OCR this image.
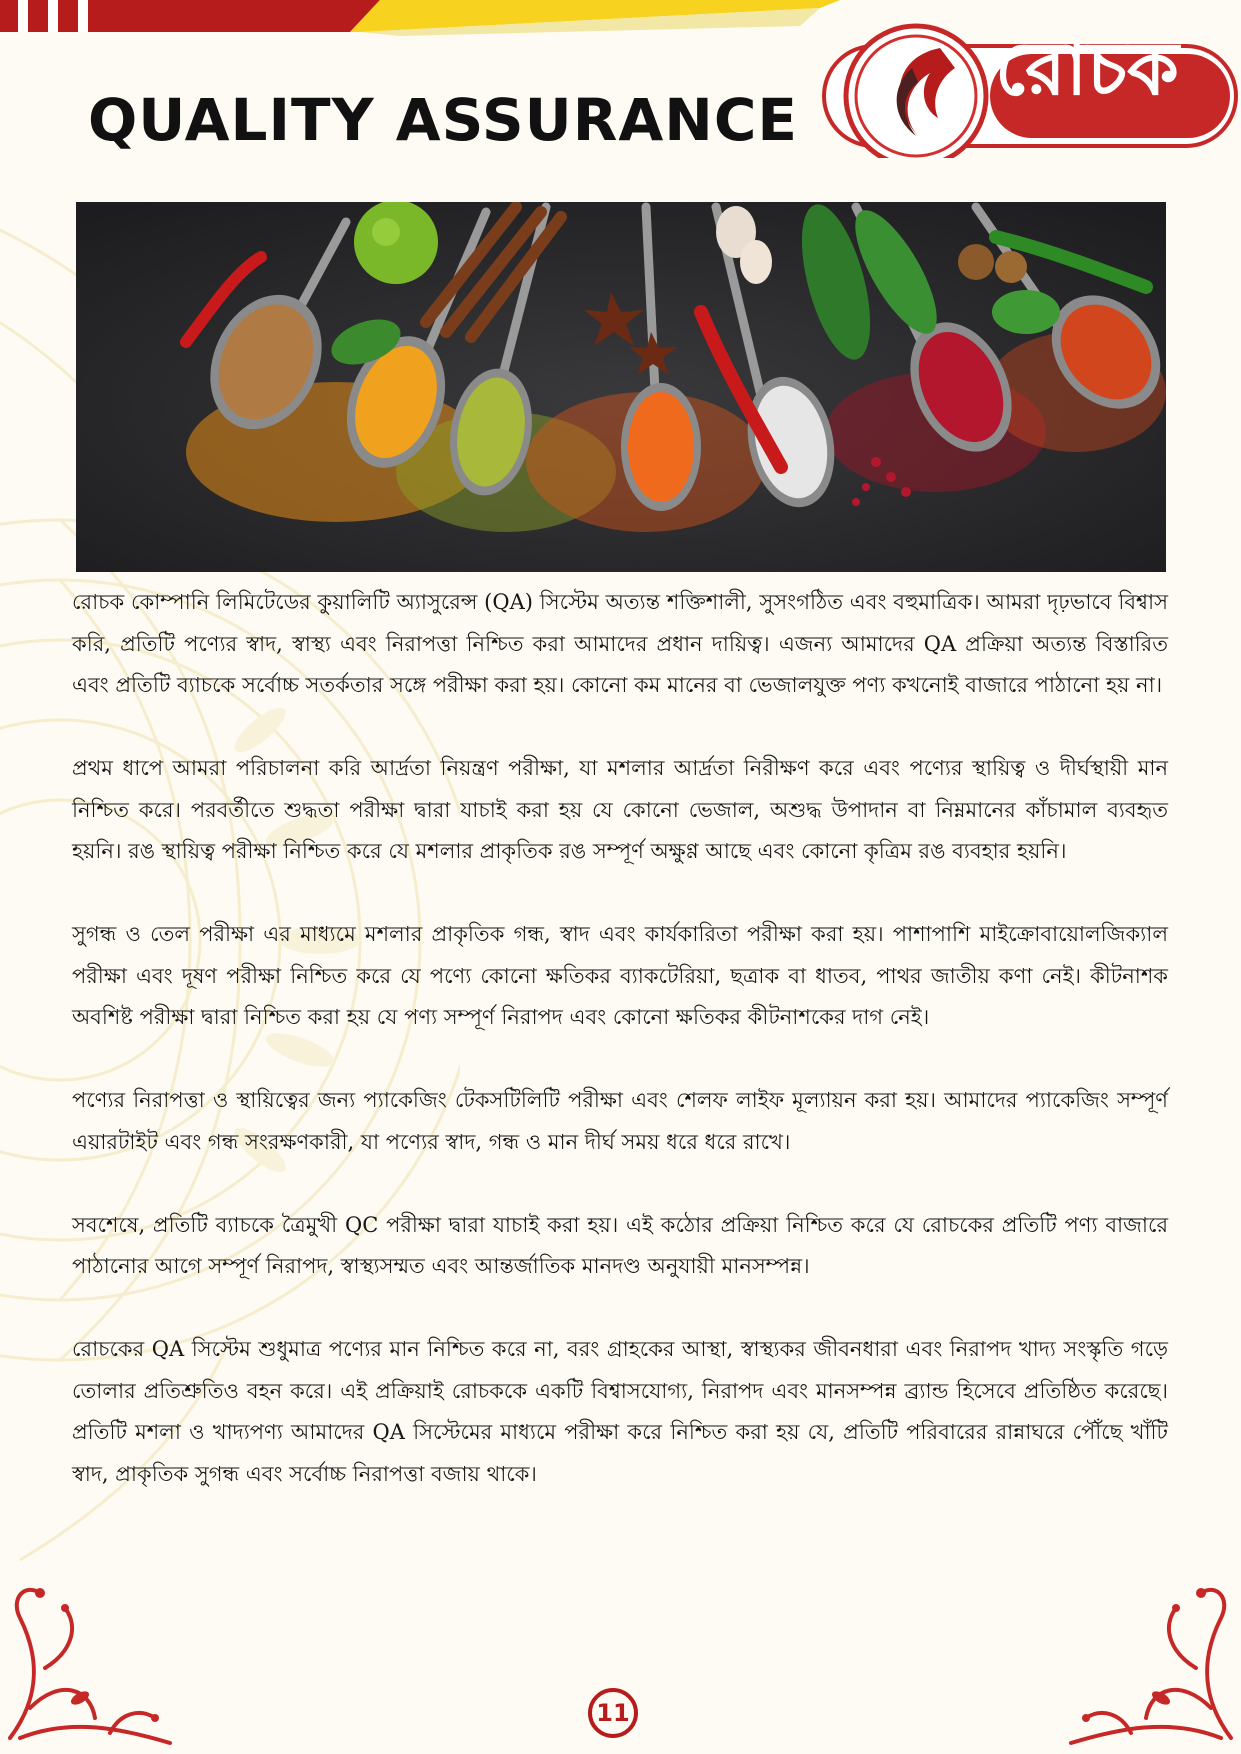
QUALITY ASSURANCE
রোচক

রোচক কোম্পানি লিমিটেডের কুয়ালিটি অ্যাসুরেন্স (QA) সিস্টেম অত্যন্ত শক্তিশালী, সুসংগঠিত এবং বহুমাত্রিক। আমরা দৃঢ়ভাবে বিশ্বাস করি, প্রতিটি পণ্যের স্বাদ, স্বাস্থ্য এবং নিরাপত্তা নিশ্চিত করা আমাদের প্রধান দায়িত্ব। এজন্য আমাদের QA প্রক্রিয়া অত্যন্ত বিস্তারিত এবং প্রতিটি ব্যাচকে সর্বোচ্চ সতর্কতার সঙ্গে পরীক্ষা করা হয়। কোনো কম মানের বা ভেজালযুক্ত পণ্য কখনোই বাজারে পাঠানো হয় না।

প্রথম ধাপে আমরা পরিচালনা করি আর্দ্রতা নিয়ন্ত্রণ পরীক্ষা, যা মশলার আর্দ্রতা নিরীক্ষণ করে এবং পণ্যের স্থায়িত্ব ও দীর্ঘস্থায়ী মান নিশ্চিত করে। পরবর্তীতে শুদ্ধতা পরীক্ষা দ্বারা যাচাই করা হয় যে কোনো ভেজাল, অশুদ্ধ উপাদান বা নিম্নমানের কাঁচামাল ব্যবহৃত হয়নি। রঙ স্থায়িত্ব পরীক্ষা নিশ্চিত করে যে মশলার প্রাকৃতিক রঙ সম্পূর্ণ অক্ষুণ্ণ আছে এবং কোনো কৃত্রিম রঙ ব্যবহার হয়নি।

সুগন্ধ ও তেল পরীক্ষা এর মাধ্যমে মশলার প্রাকৃতিক গন্ধ, স্বাদ এবং কার্যকারিতা পরীক্ষা করা হয়। পাশাপাশি মাইক্রোবায়োলজিক্যাল পরীক্ষা এবং দূষণ পরীক্ষা নিশ্চিত করে যে পণ্যে কোনো ক্ষতিকর ব্যাকটেরিয়া, ছত্রাক বা ধাতব, পাথর জাতীয় কণা নেই। কীটনাশক অবশিষ্ট পরীক্ষা দ্বারা নিশ্চিত করা হয় যে পণ্য সম্পূর্ণ নিরাপদ এবং কোনো ক্ষতিকর কীটনাশকের দাগ নেই।

পণ্যের নিরাপত্তা ও স্থায়িত্বের জন্য প্যাকেজিং টেকসটিলিটি পরীক্ষা এবং শেলফ লাইফ মূল্যায়ন করা হয়। আমাদের প্যাকেজিং সম্পূর্ণ এয়ারটাইট এবং গন্ধ সংরক্ষণকারী, যা পণ্যের স্বাদ, গন্ধ ও মান দীর্ঘ সময় ধরে ধরে রাখে।

সবশেষে, প্রতিটি ব্যাচকে ত্রৈমুখী QC পরীক্ষা দ্বারা যাচাই করা হয়। এই কঠোর প্রক্রিয়া নিশ্চিত করে যে রোচকের প্রতিটি পণ্য বাজারে পাঠানোর আগে সম্পূর্ণ নিরাপদ, স্বাস্থ্যসম্মত এবং আন্তর্জাতিক মানদণ্ড অনুযায়ী মানসম্পন্ন।

রোচকের QA সিস্টেম শুধুমাত্র পণ্যের মান নিশ্চিত করে না, বরং গ্রাহকের আস্থা, স্বাস্থ্যকর জীবনধারা এবং নিরাপদ খাদ্য সংস্কৃতি গড়ে তোলার প্রতিশ্রুতিও বহন করে। এই প্রক্রিয়াই রোচককে একটি বিশ্বাসযোগ্য, নিরাপদ এবং মানসম্পন্ন ব্র্যান্ড হিসেবে প্রতিষ্ঠিত করেছে। প্রতিটি মশলা ও খাদ্যপণ্য আমাদের QA সিস্টেমের মাধ্যমে পরীক্ষা করে নিশ্চিত করা হয় যে, প্রতিটি পরিবারের রান্নাঘরে পৌঁছে খাঁটি স্বাদ, প্রাকৃতিক সুগন্ধ এবং সর্বোচ্চ নিরাপত্তা বজায় থাকে।

11
